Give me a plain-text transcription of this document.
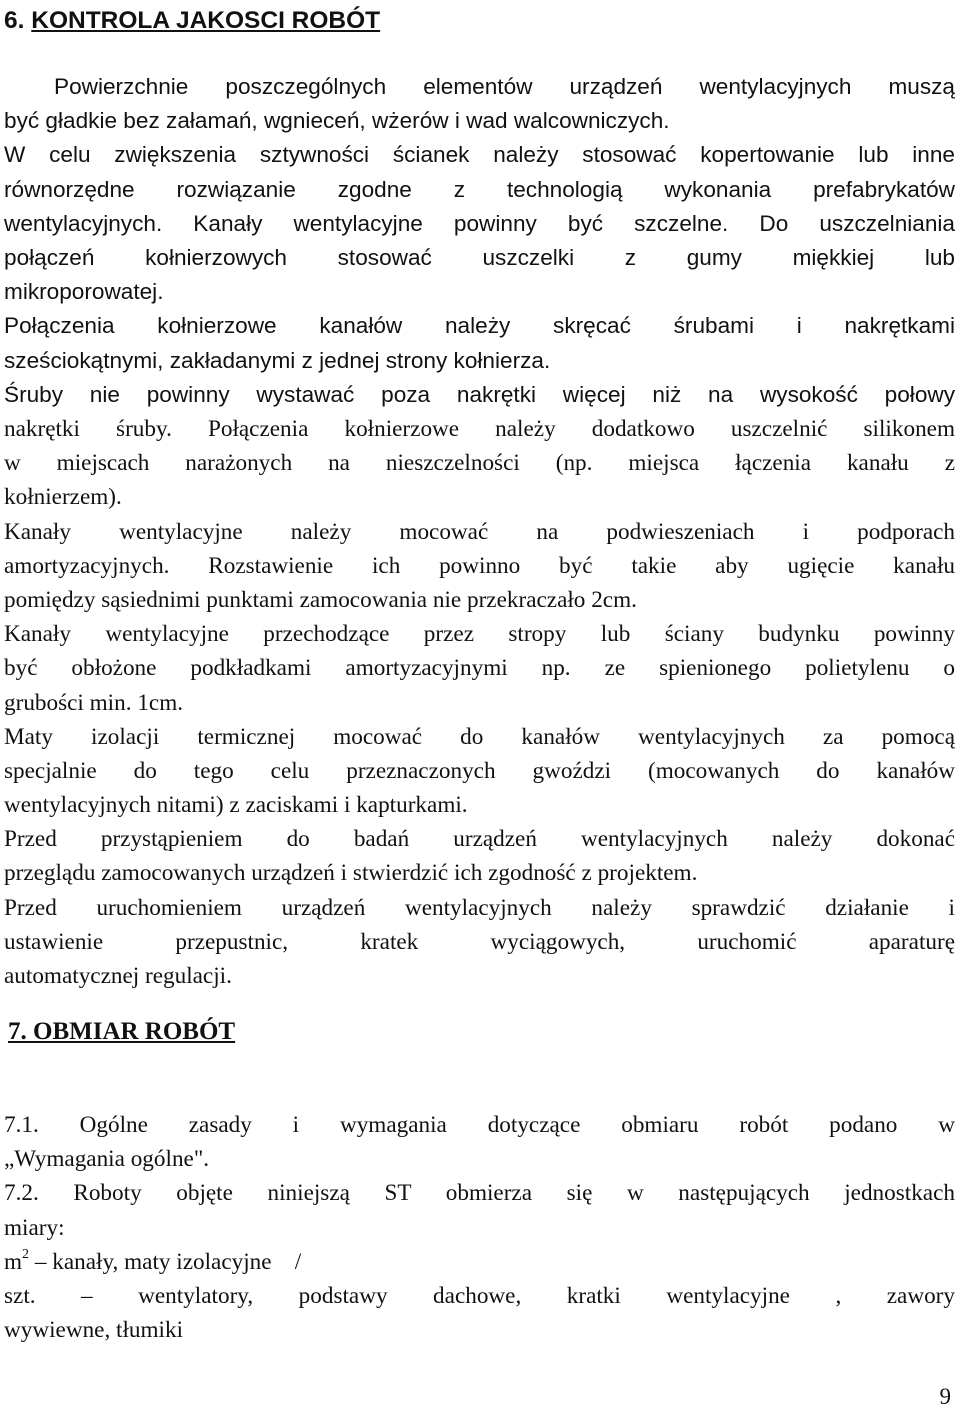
6. KONTROLA JAKOSCI ROBÓT
Powierzchnie poszczególnych elementów urządzeń wentylacyjnych muszą
być gładkie bez załamań, wgnieceń, wżerów i wad walcowniczych.
W celu zwiększenia sztywności ścianek należy stosować kopertowanie lub inne
równorzędne rozwiązanie zgodne z technologią wykonania prefabrykatów
wentylacyjnych. Kanały wentylacyjne powinny być szczelne. Do uszczelniania
połączeń kołnierzowych stosować uszczelki z gumy miękkiej lub
mikroporowatej.
Połączenia kołnierzowe kanałów należy skręcać śrubami i nakrętkami
sześciokątnymi, zakładanymi z jednej strony kołnierza.
Śruby nie powinny wystawać poza nakrętki więcej niż na wysokość połowy
nakrętki śruby. Połączenia kołnierzowe należy dodatkowo uszczelnić silikonem
w miejscach narażonych na nieszczelności (np. miejsca łączenia kanału z
kołnierzem).
Kanały wentylacyjne należy mocować na podwieszeniach i podporach
amortyzacyjnych. Rozstawienie ich powinno być takie aby ugięcie kanału
pomiędzy sąsiednimi punktami zamocowania nie przekraczało 2cm.
Kanały wentylacyjne przechodzące przez stropy lub ściany budynku powinny
być obłożone podkładkami amortyzacyjnymi np. ze spienionego polietylenu o
grubości min. 1cm.
Maty izolacji termicznej mocować do kanałów wentylacyjnych za pomocą
specjalnie do tego celu przeznaczonych gwoździ (mocowanych do kanałów
wentylacyjnych nitami) z zaciskami i kapturkami.
Przed przystąpieniem do badań urządzeń wentylacyjnych należy dokonać
przeglądu zamocowanych urządzeń i stwierdzić ich zgodność z projektem.
Przed uruchomieniem urządzeń wentylacyjnych należy sprawdzić działanie i
ustawienie przepustnic, kratek wyciągowych, uruchomić aparaturę
automatycznej regulacji.
7. OBMIAR ROBÓT
7.1. Ogólne zasady i wymagania dotyczące obmiaru robót podano w
„Wymagania ogólne".
7.2. Roboty objęte niniejszą ST obmierza się w następujących jednostkach
miary:
$m^2$ – kanały, maty izolacyjne    /
szt. – wentylatory, podstawy dachowe, kratki wentylacyjne , zawory
wywiewne, tłumiki
9
